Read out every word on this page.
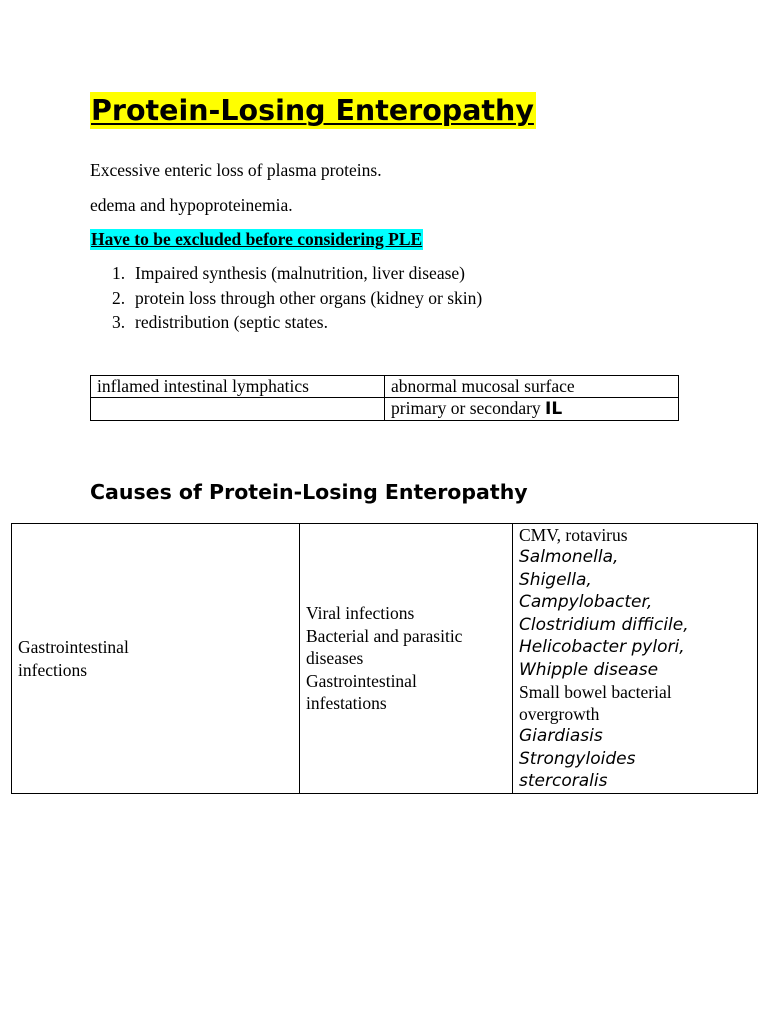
Protein-Losing Enteropathy
Excessive enteric loss of plasma proteins.
edema and hypoproteinemia.
Have to be excluded before considering PLE
1. Impaired synthesis (malnutrition, liver disease)
2. protein loss through other organs (kidney or skin)
3. redistribution (septic states.
inflamed intestinal lymphatics	abnormal mucosal surface
	primary or secondary IL
Causes of Protein-Losing Enteropathy
Gastrointestinal
infections

Viral infections
Bacterial and parasitic
diseases
Gastrointestinal
infestations

CMV, rotavirus
Salmonella,
Shigella,
Campylobacter,
Clostridium difficile,
Helicobacter pylori,
Whipple disease
Small bowel bacterial
overgrowth
Giardiasis
Strongyloides
stercoralis
